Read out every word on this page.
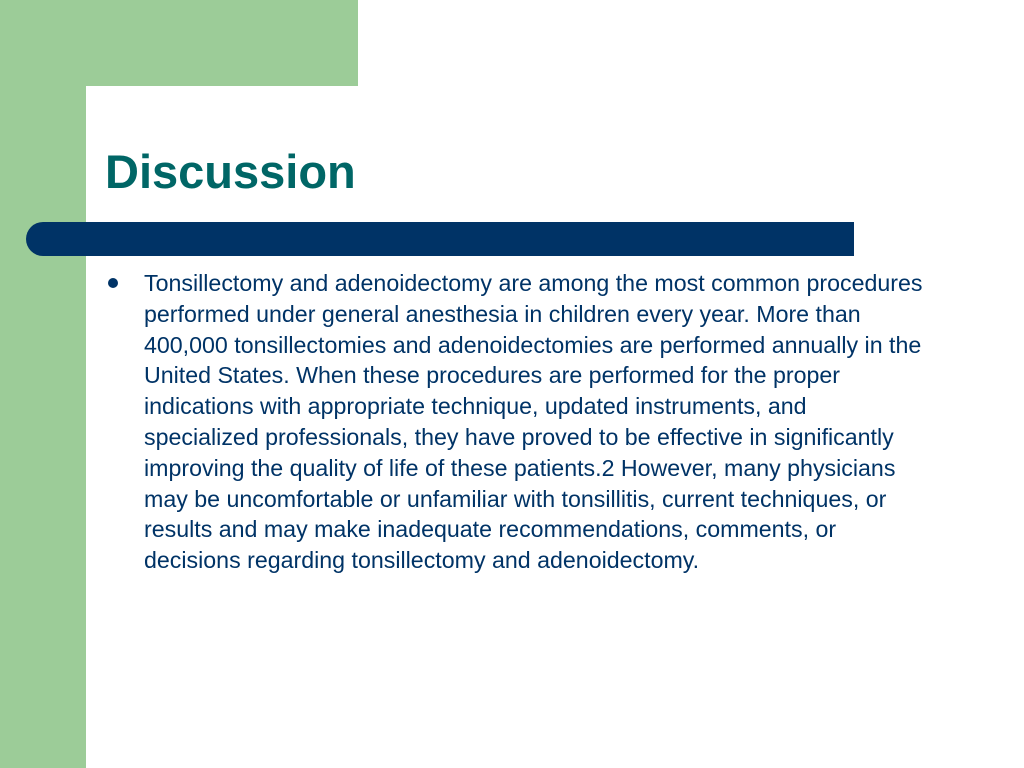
Discussion
Tonsillectomy and adenoidectomy are among the most common procedures performed under general anesthesia in children every year. More than 400,000 tonsillectomies and adenoidectomies are performed annually in the United States. When these procedures are performed for the proper indications with appropriate technique, updated instruments, and specialized professionals, they have proved to be effective in significantly improving the quality of life of these patients.2 However, many physicians may be uncomfortable or unfamiliar with tonsillitis, current techniques, or results and may make inadequate recommendations, comments, or decisions regarding tonsillectomy and adenoidectomy.
